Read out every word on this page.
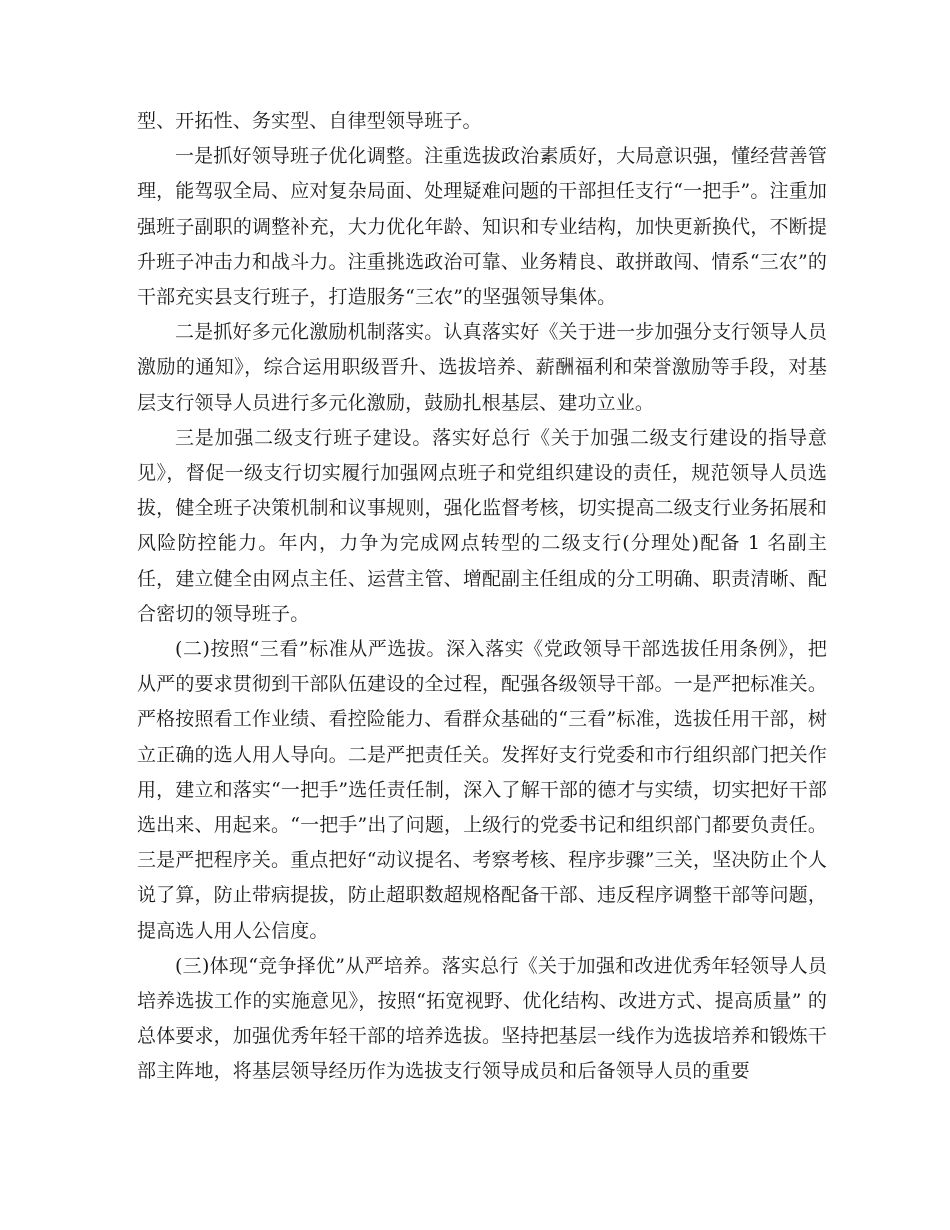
型、开拓性、务实型、自律型领导班子。

一是抓好领导班子优化调整。注重选拔政治素质好，大局意识强，懂经营善管理，能驾驭全局、应对复杂局面、处理疑难问题的干部担任支行“一把手”。注重加强班子副职的调整补充，大力优化年龄、知识和专业结构，加快更新换代，不断提升班子冲击力和战斗力。注重挑选政治可靠、业务精良、敢拼敢闯、情系“三农”的干部充实县支行班子，打造服务“三农”的坚强领导集体。

二是抓好多元化激励机制落实。认真落实好《关于进一步加强分支行领导人员激励的通知》，综合运用职级晋升、选拔培养、薪酬福利和荣誉激励等手段，对基层支行领导人员进行多元化激励，鼓励扎根基层、建功立业。

三是加强二级支行班子建设。落实好总行《关于加强二级支行建设的指导意见》，督促一级支行切实履行加强网点班子和党组织建设的责任，规范领导人员选拔，健全班子决策机制和议事规则，强化监督考核，切实提高二级支行业务拓展和风险防控能力。年内，力争为完成网点转型的二级支行(分理处)配备 1 名副主任，建立健全由网点主任、运营主管、增配副主任组成的分工明确、职责清晰、配合密切的领导班子。

(二)按照“三看”标准从严选拔。深入落实《党政领导干部选拔任用条例》，把从严的要求贯彻到干部队伍建设的全过程，配强各级领导干部。一是严把标准关。严格按照看工作业绩、看控险能力、看群众基础的“三看”标准，选拔任用干部，树立正确的选人用人导向。二是严把责任关。发挥好支行党委和市行组织部门把关作用，建立和落实“一把手”选任责任制，深入了解干部的德才与实绩，切实把好干部选出来、用起来。“一把手”出了问题，上级行的党委书记和组织部门都要负责任。三是严把程序关。重点把好“动议提名、考察考核、程序步骤”三关，坚决防止个人说了算，防止带病提拔，防止超职数超规格配备干部、违反程序调整干部等问题，提高选人用人公信度。

(三)体现“竞争择优”从严培养。落实总行《关于加强和改进优秀年轻领导人员培养选拔工作的实施意见》，按照“拓宽视野、优化结构、改进方式、提高质量” 的总体要求，加强优秀年轻干部的培养选拔。坚持把基层一线作为选拔培养和锻炼干部主阵地，将基层领导经历作为选拔支行领导成员和后备领导人员的重要
